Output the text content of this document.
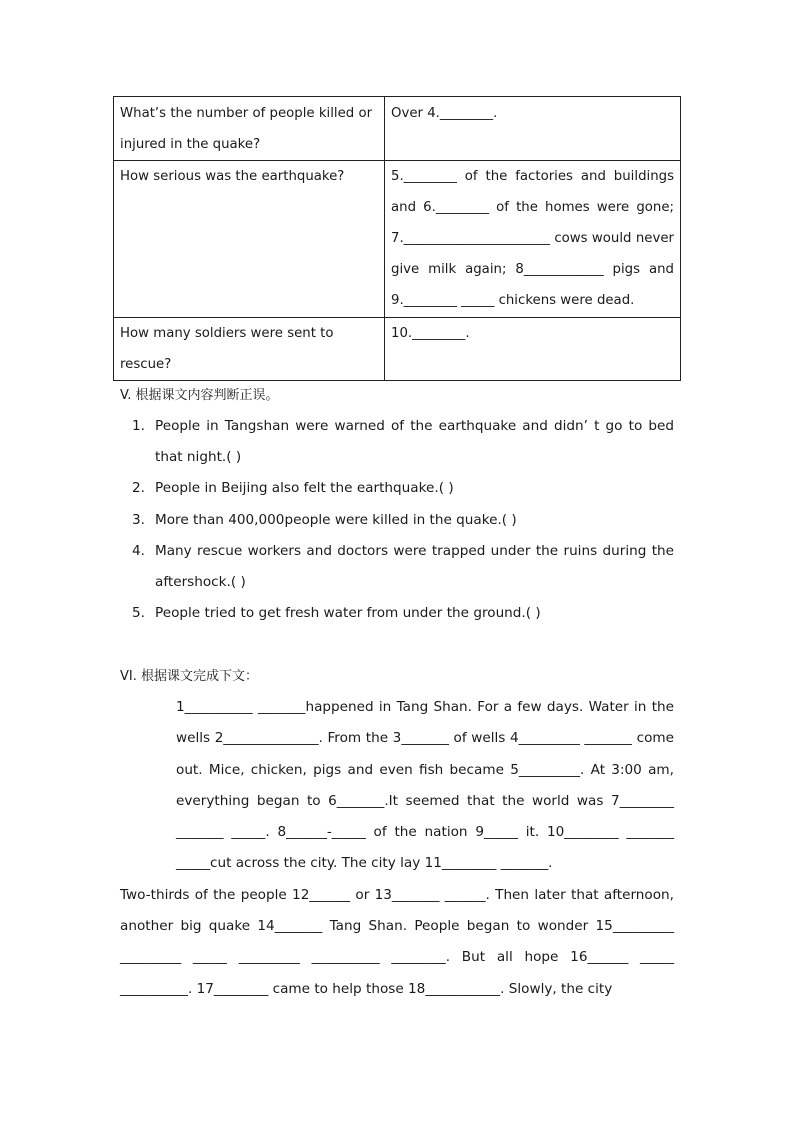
What’s the number of people killed or injured in the quake?	Over 4.________.
How serious was the earthquake?	5.________ of the factories and buildings and 6.________ of the homes were gone; 7.______________________ cows would never give milk again; 8____________ pigs and 9.________ _____ chickens were dead.
How many soldiers were sent to rescue?	10.________.
V. 根据课文内容判断正误。
1. People in Tangshan were warned of the earthquake and didn’ t go to bed that night.( )
2. People in Beijing also felt the earthquake.( )
3. More than 400,000people were killed in the quake.( )
4. Many rescue workers and doctors were trapped under the ruins during the aftershock.( )
5. People tried to get fresh water from under the ground.( )
VI. 根据课文完成下文：

1__________ _______happened in Tang Shan. For a few days. Water in the wells 2______________. From the 3_______ of wells 4_________ _______ come out. Mice, chicken, pigs and even fish became 5_________. At 3:00 am, everything began to 6_______.It seemed that the world was 7________ _______ _____. 8______-_____ of the nation 9_____ it. 10________ _______ _____cut across the city. The city lay 11________ _______.

Two-thirds of the people 12______ or 13_______ ______. Then later that afternoon, another big quake 14_______ Tang Shan. People began to wonder 15_________ _________ _____ _________ __________ ________. But all hope 16______ _____ __________. 17________ came to help those 18___________. Slowly, the city
